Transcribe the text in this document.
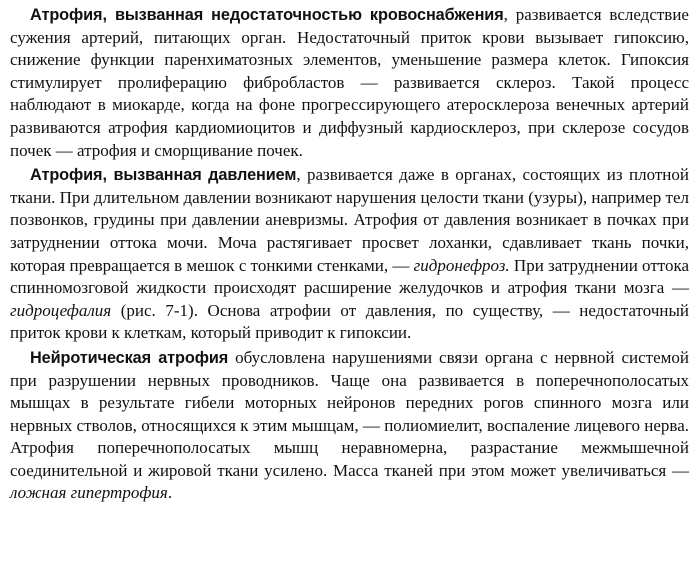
Атрофия, вызванная недостаточностью кровоснабжения, развивается вследствие сужения артерий, питающих орган. Недостаточный приток крови вызывает гипоксию, снижение функции паренхиматозных элементов, уменьшение размера клеток. Гипоксия стимулирует пролиферацию фибробластов — развивается склероз. Такой процесс наблюдают в миокарде, когда на фоне прогрессирующего атеросклероза венечных артерий развиваются атрофия кардиомиоцитов и диффузный кардиосклероз, при склерозе сосудов почек — атрофия и сморщивание почек.

Атрофия, вызванная давлением, развивается даже в органах, состоящих из плотной ткани. При длительном давлении возникают нарушения целости ткани (узуры), например тел позвонков, грудины при давлении аневризмы. Атрофия от давления возникает в почках при затруднении оттока мочи. Моча растягивает просвет лоханки, сдавливает ткань почки, которая превращается в мешок с тонкими стенками, — гидронефроз. При затруднении оттока спинномозговой жидкости происходят расширение желудочков и атрофия ткани мозга — гидроцефалия (рис. 7-1). Основа атрофии от давления, по существу, — недостаточный приток крови к клеткам, который приводит к гипоксии.

Нейротическая атрофия обусловлена нарушениями связи органа с нервной системой при разрушении нервных проводников. Чаще она развивается в поперечнополосатых мышцах в результате гибели моторных нейронов передних рогов спинного мозга или нервных стволов, относящихся к этим мышцам, — полиомиелит, воспаление лицевого нерва. Атрофия поперечнополосатых мышц неравномерна, разрастание межмышечной соединительной и жировой ткани усилено. Масса тканей при этом может увеличиваться — ложная гипертрофия.
